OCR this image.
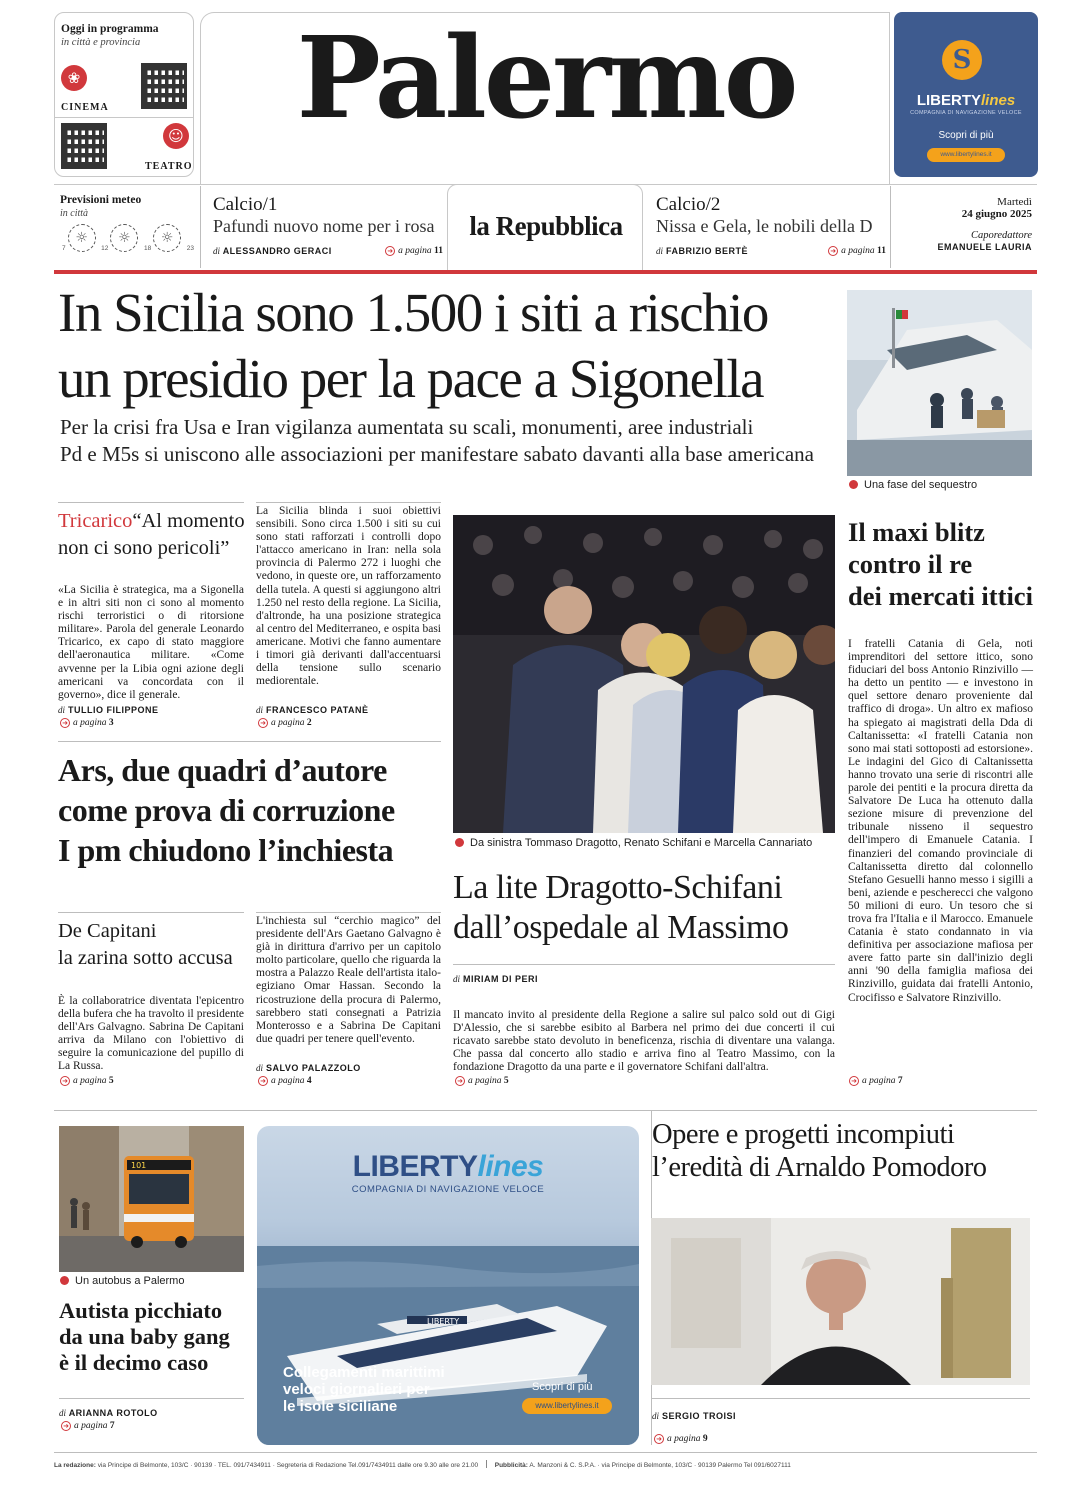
Oggi in programma
in città e provincia
❀
CINEMA
☺
TEATRO
Palermo	S
LIBERTYlines
COMPAGNIA DI NAVIGAZIONE VELOCE
Scopri di più
www.libertylines.it
Previsioni meteo
in città
7
☼
12
☼
18
☼
23
Calcio/1
Pafundi nuovo nome per i rosa
di ALESSANDRO GERACI	➜ a pagina 11
la Repubblica
Calcio/2
Nissa e Gela, le nobili della D
di FABRIZIO BERTÈ	➜ a pagina 11
Martedì
24 giugno 2025
Caporedattore
EMANUELE LAURIA
In Sicilia sono 1.500 i siti a rischio
un presidio per la pace a Sigonella
Per la crisi fra Usa e Iran vigilanza aumentata su scali, monumenti, aree industriali
Pd e M5s si uniscono alle associazioni per manifestare sabato davanti alla base americana
Una fase del sequestro
Tricarico“Al momento
non ci sono pericoli”
«La Sicilia è strategica, ma a Sigonella e in altri siti non ci sono al momento rischi terroristici o di ritorsione militare». Parola del generale Leonardo Tricarico, ex capo di stato maggiore dell'aeronautica militare. «Come avvenne per la Libia ogni azione degli americani va concordata con il governo», dice il generale.
di TULLIO FILIPPONE
➜ a pagina 3
La Sicilia blinda i suoi obiettivi sensibili. Sono circa 1.500 i siti su cui sono stati rafforzati i controlli dopo l'attacco americano in Iran: nella sola provincia di Palermo 272 i luoghi che vedono, in queste ore, un rafforzamento della tutela. A questi si aggiungono altri 1.250 nel resto della regione. La Sicilia, d'altronde, ha una posizione strategica al centro del Mediterraneo, e ospita basi americane. Motivi che fanno aumentare i timori già derivanti dall'accentuarsi della tensione sullo scenario mediorentale.
di FRANCESCO PATANÈ
➜ a pagina 2
Da sinistra Tommaso Dragotto, Renato Schifani e Marcella Cannariato
Il maxi blitz
contro il re
dei mercati ittici
I fratelli Catania di Gela, noti imprenditori del settore ittico, sono fiduciari del boss Antonio Rinzivillo — ha detto un pentito — e investono in quel settore denaro proveniente dal traffico di droga». Un altro ex mafioso ha spiegato ai magistrati della Dda di Caltanissetta: «I fratelli Catania non sono mai stati sottoposti ad estorsione». Le indagini del Gico di Caltanissetta hanno trovato una serie di riscontri alle parole dei pentiti e la procura diretta da Salvatore De Luca ha ottenuto dalla sezione misure di prevenzione del tribunale nisseno il sequestro dell'impero di Emanuele Catania. I finanzieri del comando provinciale di Caltanissetta diretto dal colonnello Stefano Gesuelli hanno messo i sigilli a beni, aziende e pescherecci che valgono 50 milioni di euro. Un tesoro che si trova fra l'Italia e il Marocco. Emanuele Catania è stato condannato in via definitiva per associazione mafiosa per avere fatto parte sin dall'inizio degli anni '90 della famiglia mafiosa dei Rinzivillo, guidata dai fratelli Antonio, Crocifisso e Salvatore Rinzivillo.
➜ a pagina 7
Ars, due quadri d’autore
come prova di corruzione
I pm chiudono l’inchiesta
De Capitani
la zarina sotto accusa
È la collaboratrice diventata l'epicentro della bufera che ha travolto il presidente dell'Ars Galvagno. Sabrina De Capitani arriva da Milano con l'obiettivo di seguire la comunicazione del pupillo di La Russa.
➜ a pagina 5
L'inchiesta sul “cerchio magico” del presidente dell'Ars Gaetano Galvagno è già in dirittura d'arrivo per un capitolo molto particolare, quello che riguarda la mostra a Palazzo Reale dell'artista italo-egiziano Omar Hassan. Secondo la ricostruzione della procura di Palermo, sarebbero stati consegnati a Patrizia Monterosso e a Sabrina De Capitani due quadri per tenere quell'evento.
di SALVO PALAZZOLO
➜ a pagina 4
La lite Dragotto-Schifani
dall’ospedale al Massimo
di MIRIAM DI PERI
Il mancato invito al presidente della Regione a salire sul palco sold out di Gigi D'Alessio, che si sarebbe esibito al Barbera nel primo dei due concerti il cui ricavato sarebbe stato devoluto in beneficenza, rischia di diventare una valanga. Che passa dal concerto allo stadio e arriva fino al Teatro Massimo, con la fondazione Dragotto da una parte e il governatore Schifani dall'altra.
➜ a pagina 5
101
Un autobus a Palermo
Autista picchiato
da una baby gang
è il decimo caso
di ARIANNA ROTOLO
➜ a pagina 7
LIBERTYlines
COMPAGNIA DI NAVIGAZIONE VELOCE
LIBERTY
Collegamenti marittimi
veloci giornalieri per
le isole siciliane
Scopri di più
www.libertylines.it
Opere e progetti incompiuti
l’eredità di Arnaldo Pomodoro
di SERGIO TROISI
➜ a pagina 9
La redazione: via Principe di Belmonte, 103/C · 90139 · TEL. 091/7434911 · Segreteria di Redazione Tel.091/7434911 dalle ore 9.30 alle ore 21.00	Pubblicità: A. Manzoni & C. S.P.A. · via Principe di Belmonte, 103/C · 90139 Palermo Tel 091/6027111
